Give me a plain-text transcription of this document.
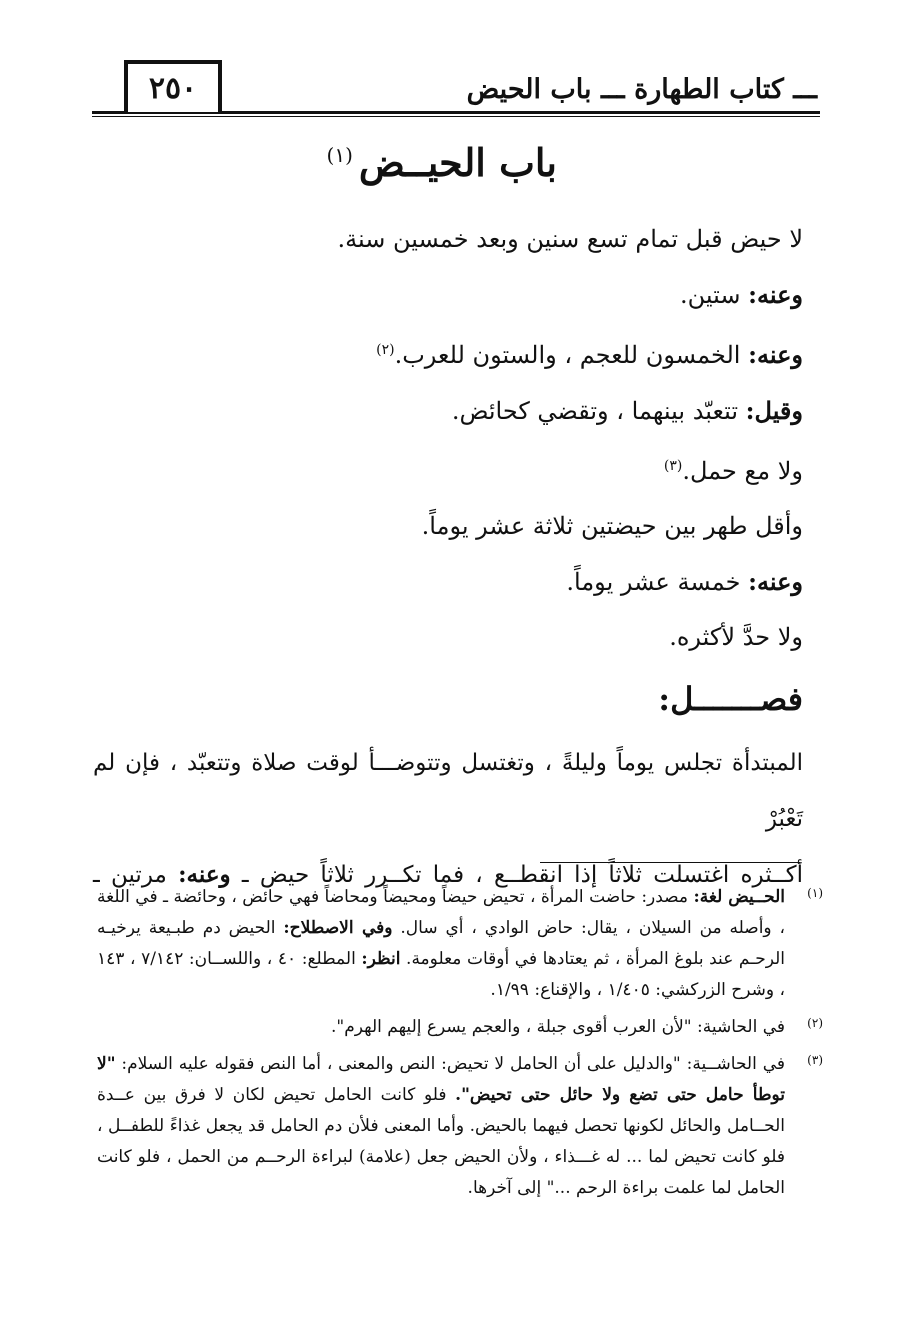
ـــ كتاب الطهارة ـــ باب الحيض
٢٥٠
باب الحيــض$^{(١)}$

لا حيض قبل تمام تسع سنين وبعد خمسين سنة.

وعنه: ستين.

وعنه: الخمسون للعجم ، والستون للعرب.$^{(٢)}$

وقيل: تتعبّد بينهما ، وتقضي كحائض.

ولا مع حمل.$^{(٣)}$

وأقل طهر بين حيضتين ثلاثة عشر يوماً.

وعنه: خمسة عشر يوماً.

ولا حدَّ لأكثره.

فصـــــــل:

المبتدأة تجلس يوماً وليلةً ، وتغتسل وتتوضـــأ لوقت صلاة وتتعبّد ، فإن لم تَعْبُرْ

أكــثره اغتسلت ثلاثاً إذا انقطــع ، فما تكــرر ثلاثاً حيض ـ وعنه: مرتين ـ

(١)

الحــيض لغة: مصدر: حاضت المرأة ، تحيض حيضاً ومحيضاً ومحاضاً فهي حائض ، وحائضة ـ في اللغة ، وأصله من السيلان ، يقال: حاض الوادي ، أي سال. وفي الاصطلاح: الحيض دم طبـيعة يرخيـه الرحـم عند بلوغ المرأة ، ثم يعتادها في أوقات معلومة. انظر: المطلع: ٤٠ ، واللســان: ٧/١٤٢ ، ١٤٣ ، وشرح الزركشي: ١/٤٠٥ ، والإقناع: ١/٩٩.

(٢)

في الحاشية: "لأن العرب أقوى جبلة ، والعجم يسرع إليهم الهرم".

(٣)

في الحاشــية: "والدليل على أن الحامل لا تحيض: النص والمعنى ، أما النص فقوله عليه السلام: "لا توطأ حامل حتى تضع ولا حائل حتى تحيض". فلو كانت الحامل تحيض لكان لا فرق بين عــدة الحــامل والحائل لكونها تحصل فيهما بالحيض. وأما المعنى فلأن دم الحامل قد يجعل غذاءً للطفــل ، فلو كانت تحيض لما ... له غـــذاء ، ولأن الحيض جعل (علامة) لبراءة الرحــم من الحمل ، فلو كانت الحامل لما علمت براءة الرحم ..." إلى آخرها.
